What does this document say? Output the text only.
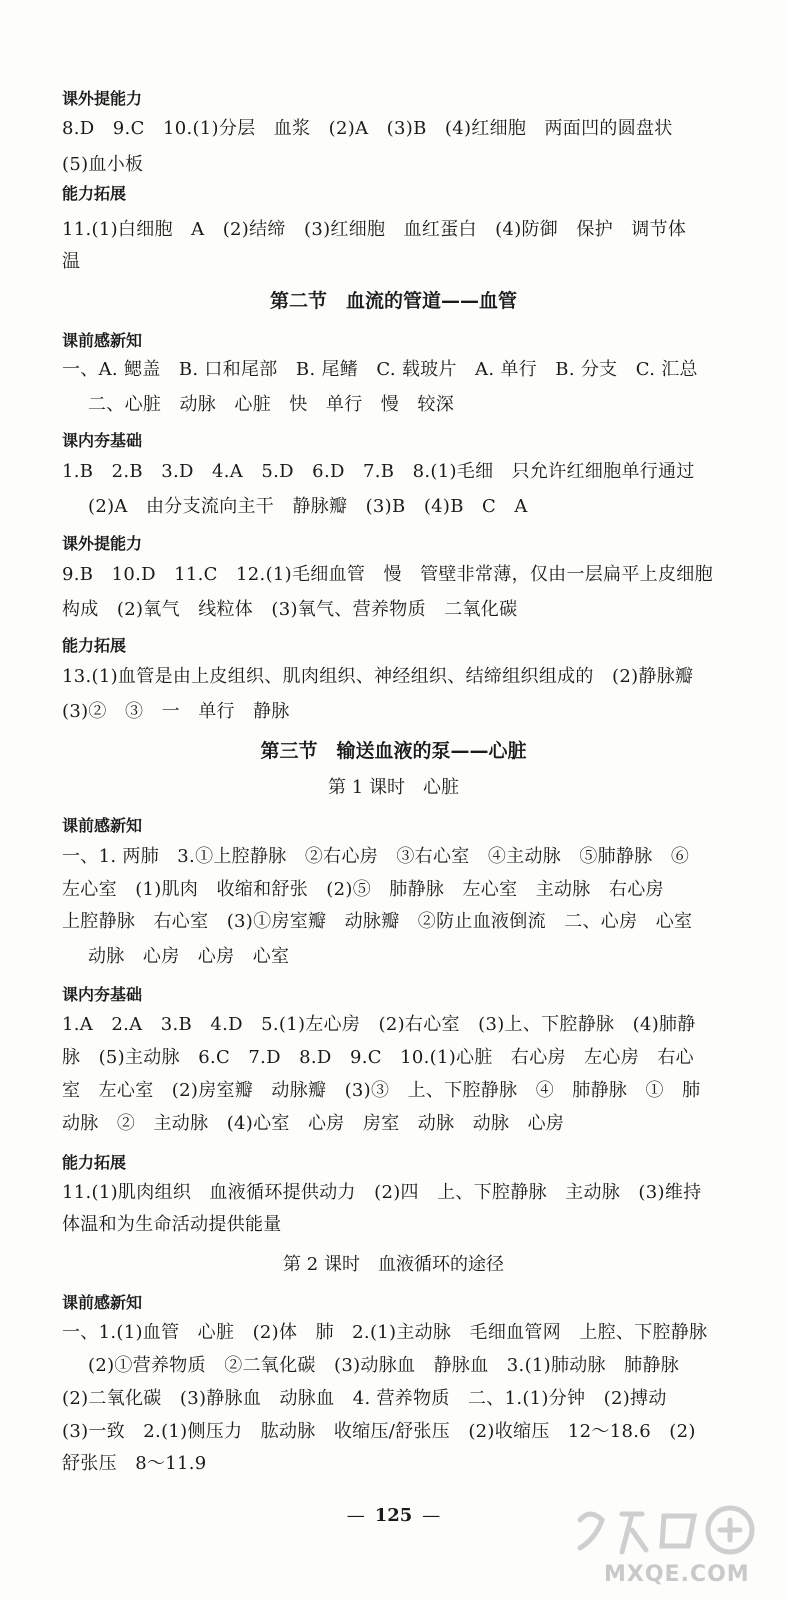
课外提能力
8.D　9.C　10.(1)分层　血浆　(2)A　(3)B　(4)红细胞　两面凹的圆盘状
(5)血小板
能力拓展
11.(1)白细胞　A　(2)结缔　(3)红细胞　血红蛋白　(4)防御　保护　调节体
温
第二节　血流的管道——血管
课前感新知
一、A. 鳃盖　B. 口和尾部　B. 尾鳍　C. 载玻片　A. 单行　B. 分支　C. 汇总
二、心脏　动脉　心脏　快　单行　慢　较深
课内夯基础
1.B　2.B　3.D　4.A　5.D　6.D　7.B　8.(1)毛细　只允许红细胞单行通过
(2)A　由分支流向主干　静脉瓣　(3)B　(4)B　C　A
课外提能力
9.B　10.D　11.C　12.(1)毛细血管　慢　管壁非常薄，仅由一层扁平上皮细胞
构成　(2)氧气　线粒体　(3)氧气、营养物质　二氧化碳
能力拓展
13.(1)血管是由上皮组织、肌肉组织、神经组织、结缔组织组成的　(2)静脉瓣
(3)②　③　一　单行　静脉
第三节　输送血液的泵——心脏
第 1 课时　心脏
课前感新知
一、1. 两肺　3.①上腔静脉　②右心房　③右心室　④主动脉　⑤肺静脉　⑥
左心室　(1)肌肉　收缩和舒张　(2)⑤　肺静脉　左心室　主动脉　右心房
上腔静脉　右心室　(3)①房室瓣　动脉瓣　②防止血液倒流　二、心房　心室
动脉　心房　心房　心室
课内夯基础
1.A　2.A　3.B　4.D　5.(1)左心房　(2)右心室　(3)上、下腔静脉　(4)肺静
脉　(5)主动脉　6.C　7.D　8.D　9.C　10.(1)心脏　右心房　左心房　右心
室　左心室　(2)房室瓣　动脉瓣　(3)③　上、下腔静脉　④　肺静脉　①　肺
动脉　②　主动脉　(4)心室　心房　房室　动脉　动脉　心房
能力拓展
11.(1)肌肉组织　血液循环提供动力　(2)四　上、下腔静脉　主动脉　(3)维持
体温和为生命活动提供能量
第 2 课时　血液循环的途径
课前感新知
一、1.(1)血管　心脏　(2)体　肺　2.(1)主动脉　毛细血管网　上腔、下腔静脉
(2)①营养物质　②二氧化碳　(3)动脉血　静脉血　3.(1)肺动脉　肺静脉
(2)二氧化碳　(3)静脉血　动脉血　4. 营养物质　二、1.(1)分钟　(2)搏动
(3)一致　2.(1)侧压力　肱动脉　收缩压/舒张压　(2)收缩压　12～18.6　(2)
舒张压　8～11.9
— 125 —
MXQE.COM
